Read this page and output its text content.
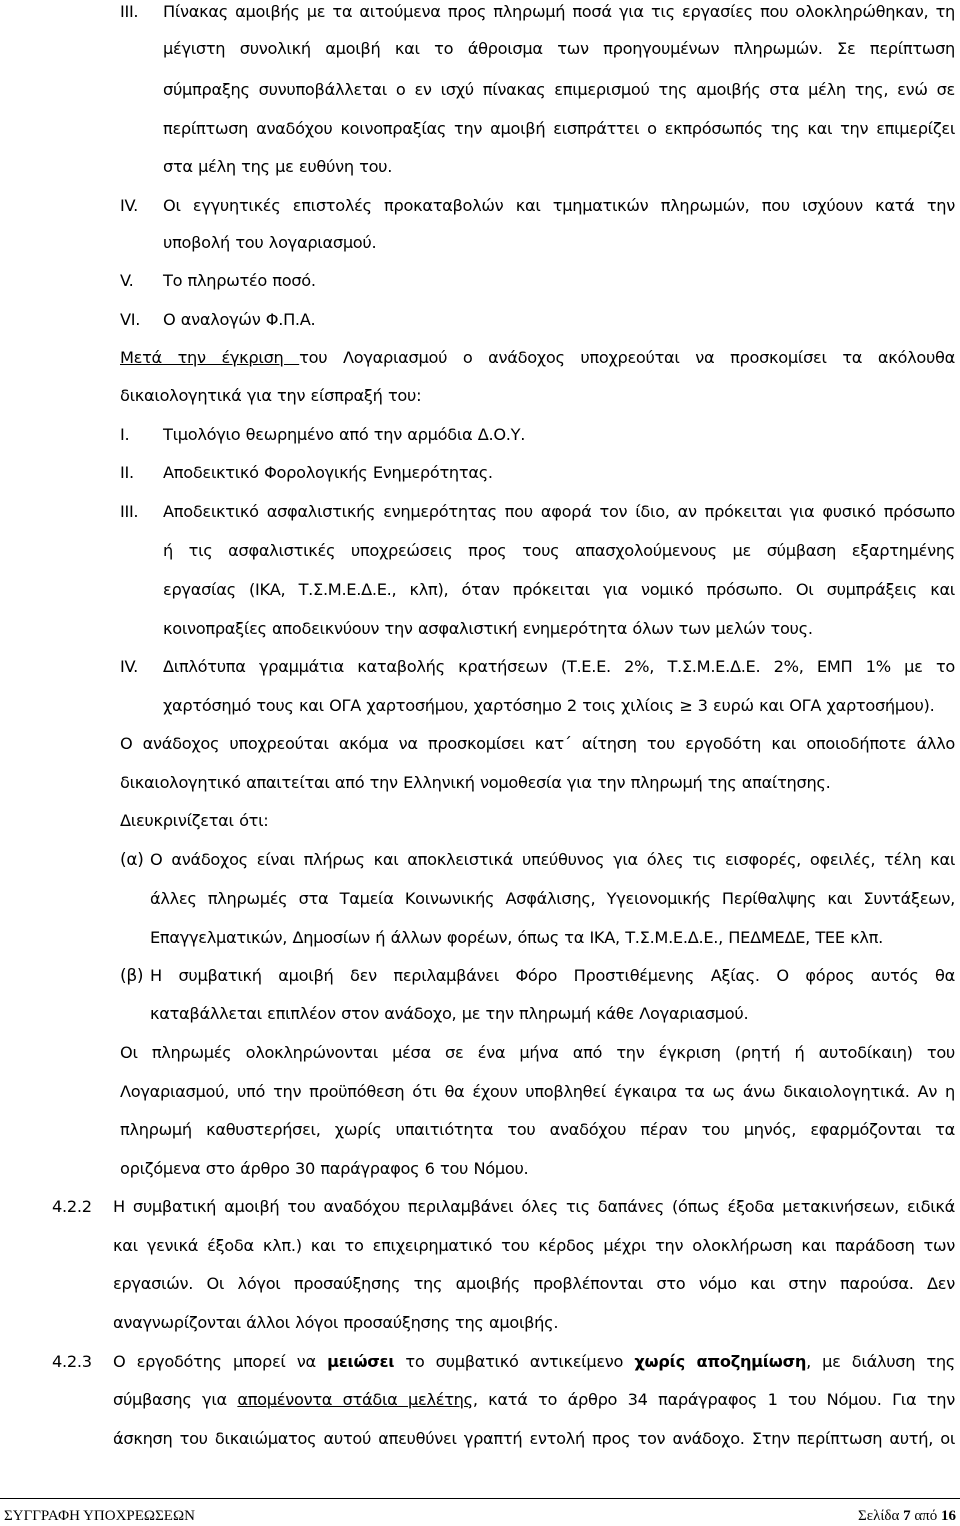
III. Πίνακας αμοιβής με τα αιτούμενα προς πληρωμή ποσά για τις εργασίες που ολοκληρώθηκαν, τη
μέγιστη συνολική αμοιβή και το άθροισμα των προηγουμένων πληρωμών. Σε περίπτωση
σύμπραξης συνυποβάλλεται ο εν ισχύ πίνακας επιμερισμού της αμοιβής στα μέλη της, ενώ σε
περίπτωση αναδόχου κοινοπραξίας την αμοιβή εισπράττει ο εκπρόσωπός της και την επιμερίζει
στα μέλη της με ευθύνη του.
IV. Οι εγγυητικές επιστολές προκαταβολών και τμηματικών πληρωμών, που ισχύουν κατά την
υποβολή του λογαριασμού.
V. Το πληρωτέο ποσό.
VI. Ο αναλογών Φ.Π.Α.
Μετά την έγκριση του Λογαριασμού ο ανάδοχος υποχρεούται να προσκομίσει τα ακόλουθα
δικαιολογητικά για την είσπραξή του:
I. Τιμολόγιο θεωρημένο από την αρμόδια Δ.Ο.Υ.
II. Αποδεικτικό Φορολογικής Ενημερότητας.
III. Αποδεικτικό ασφαλιστικής ενημερότητας που αφορά τον ίδιο, αν πρόκειται για φυσικό πρόσωπο
ή τις ασφαλιστικές υποχρεώσεις προς τους απασχολούμενους με σύμβαση εξαρτημένης
εργασίας (ΙΚΑ, Τ.Σ.Μ.Ε.Δ.Ε., κλπ), όταν πρόκειται για νομικό πρόσωπο. Οι συμπράξεις και
κοινοπραξίες αποδεικνύουν την ασφαλιστική ενημερότητα όλων των μελών τους.
IV. Διπλότυπα γραμμάτια καταβολής κρατήσεων (Τ.Ε.Ε. 2%, Τ.Σ.Μ.Ε.Δ.Ε. 2%, ΕΜΠ 1% με το
χαρτόσημό τους και ΟΓΑ χαρτοσήμου, χαρτόσημο 2 τοις χιλίοις ≥ 3 ευρώ και ΟΓΑ χαρτοσήμου).
Ο ανάδοχος υποχρεούται ακόμα να προσκομίσει κατ΄ αίτηση του εργοδότη και οποιοδήποτε άλλο
δικαιολογητικό απαιτείται από την Ελληνική νομοθεσία για την πληρωμή της απαίτησης.
Διευκρινίζεται ότι:
(α) Ο ανάδοχος είναι πλήρως και αποκλειστικά υπεύθυνος για όλες τις εισφορές, οφειλές, τέλη και
άλλες πληρωμές στα Ταμεία Κοινωνικής Ασφάλισης, Υγειονομικής Περίθαλψης και Συντάξεων,
Επαγγελματικών, Δημοσίων ή άλλων φορέων, όπως τα ΙΚΑ, Τ.Σ.Μ.Ε.Δ.Ε., ΠΕΔΜΕΔΕ, ΤΕΕ κλπ.
(β) Η συμβατική αμοιβή δεν περιλαμβάνει Φόρο Προστιθέμενης Αξίας. Ο φόρος αυτός θα
καταβάλλεται επιπλέον στον ανάδοχο, με την πληρωμή κάθε Λογαριασμού.
Οι πληρωμές ολοκληρώνονται μέσα σε ένα μήνα από την έγκριση (ρητή ή αυτοδίκαιη) του
Λογαριασμού, υπό την προϋπόθεση ότι θα έχουν υποβληθεί έγκαιρα τα ως άνω δικαιολογητικά. Αν η
πληρωμή καθυστερήσει, χωρίς υπαιτιότητα του αναδόχου πέραν του μηνός, εφαρμόζονται τα
οριζόμενα στο άρθρο 30 παράγραφος 6 του Νόμου.
4.2.2 Η συμβατική αμοιβή του αναδόχου περιλαμβάνει όλες τις δαπάνες (όπως έξοδα μετακινήσεων, ειδικά
και γενικά έξοδα κλπ.) και το επιχειρηματικό του κέρδος μέχρι την ολοκλήρωση και παράδοση των
εργασιών. Οι λόγοι προσαύξησης της αμοιβής προβλέπονται στο νόμο και στην παρούσα. Δεν
αναγνωρίζονται άλλοι λόγοι προσαύξησης της αμοιβής.
4.2.3 Ο εργοδότης μπορεί να μειώσει το συμβατικό αντικείμενο χωρίς αποζημίωση, με διάλυση της
σύμβασης για απομένοντα στάδια μελέτης, κατά το άρθρο 34 παράγραφος 1 του Νόμου. Για την
άσκηση του δικαιώματος αυτού απευθύνει γραπτή εντολή προς τον ανάδοχο. Στην περίπτωση αυτή, οι
ΣΥΓΓΡΑΦΗ ΥΠΟΧΡΕΩΣΕΩΝ	Σελίδα 7 από 16
